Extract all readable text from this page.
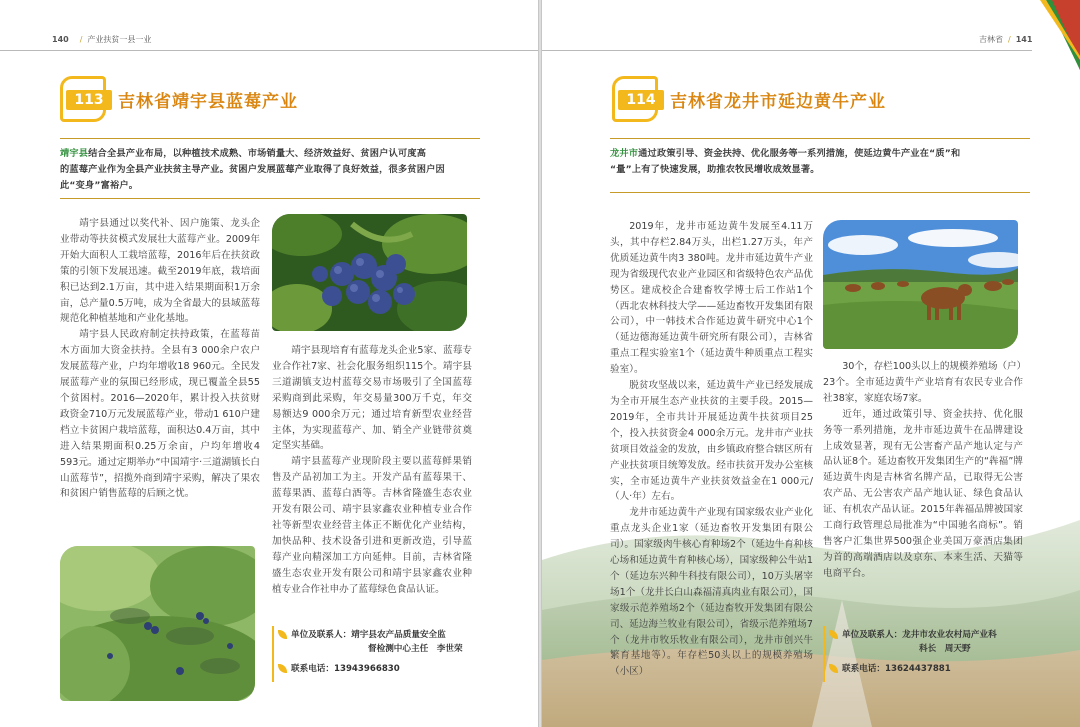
140 / 产业扶贫一县一业
113 吉林省靖宇县蓝莓产业
靖宇县结合全县产业布局，以种植技术成熟、市场销量大、经济效益好、贫困户认可度高
的蓝莓产业作为全县产业扶贫主导产业。贫困户发展蓝莓产业取得了良好效益，很多贫困户因
此“变身”富裕户。

靖宇县通过以奖代补、因户施策、龙头企业带动等扶贫模式发展壮大蓝莓产业。2009年开始大面积人工栽培蓝莓，2016年后在扶贫政策的引领下发展迅速。截至2019年底，栽培面积已达到2.1万亩，其中进入结果期面积1万余亩，总产量0.5万吨，成为全省最大的县域蓝莓规范化种植基地和产业化基地。

靖宇县人民政府制定扶持政策，在蓝莓苗木方面加大资金扶持。全县有3 000余户农户发展蓝莓产业，户均年增收18 960元。全民发展蓝莓产业的氛围已经形成，现已覆盖全县55个贫困村。2016—2020年，累计投入扶贫财政资金710万元发展蓝莓产业，带动1 610户建档立卡贫困户栽培蓝莓，面积达0.4万亩，其中进入结果期面积0.25万余亩，户均年增收4 593元。通过定期举办“中国靖宇·三道湖镇长白山蓝莓节”，招揽外商到靖宇采购，解决了果农和贫困户销售蓝莓的后顾之忧。

靖宇县现培育有蓝莓龙头企业5家、蓝莓专业合作社7家、社会化服务组织115个。靖宇县三道湖镇支边村蓝莓交易市场吸引了全国蓝莓采购商到此采购，年交易量300万千克，年交易额达9 000余万元；通过培育新型农业经营主体，为实现蓝莓产、加、销全产业链带贫奠定坚实基础。

靖宇县蓝莓产业现阶段主要以蓝莓鲜果销售及产品初加工为主。开发产品有蓝莓果干、蓝莓果酒、蓝莓白酒等。吉林省隆盛生态农业开发有限公司、靖宇县家鑫农业种植专业合作社等新型农业经营主体正不断优化产业结构，加快品种、技术设备引进和更新改造，引导蓝莓产业向精深加工方向延伸。目前，吉林省隆盛生态农业开发有限公司和靖宇县家鑫农业种植专业合作社申办了蓝莓绿色食品认证。

单位及联系人：靖宇县农产品质量安全监
督检测中心主任　李世荣
联系电话：13943966830
吉林省 / 141
114 吉林省龙井市延边黄牛产业
龙井市通过政策引导、资金扶持、优化服务等一系列措施，使延边黄牛产业在“质”和
“量”上有了快速发展，助推农牧民增收成效显著。

2019年，龙井市延边黄牛发展至4.11万头，其中存栏2.84万头，出栏1.27万头，年产优质延边黄牛肉3 380吨。龙井市延边黄牛产业现为省级现代农业产业园区和省级特色农产品优势区。建成校企合建畜牧学博士后工作站1个（西北农林科技大学——延边畜牧开发集团有限公司），中一韩技术合作延边黄牛研究中心1个（延边德海延边黄牛研究所有限公司），吉林省重点工程实验室1个（延边黄牛种质重点工程实验室）。

脱贫攻坚战以来，延边黄牛产业已经发展成为全市开展生态产业扶贫的主要手段。2015—2019年，全市共计开展延边黄牛扶贫项目25个，投入扶贫资金4 000余万元。龙井市产业扶贫项目效益金的发放，由乡镇政府整合辖区所有产业扶贫项目统筹发放。经市扶贫开发办公室核实，全市延边黄牛产业扶贫效益金在1 000元/（人·年）左右。

龙井市延边黄牛产业现有国家级农业产业化重点龙头企业1家（延边畜牧开发集团有限公司）。国家级肉牛核心育种场2个（延边牛育种核心场和延边黄牛育种核心场），国家级种公牛站1个（延边东兴种牛科技有限公司），10万头屠宰场1个（龙井长白山森福清真肉业有限公司），国家级示范养殖场2个（延边畜牧开发集团有限公司、延边海兰牧业有限公司），省级示范养殖场7个（龙井市牧乐牧业有限公司），龙井市创兴牛繁育基地等）。年存栏50头以上的规模养殖场（小区）

30个，存栏100头以上的规模养殖场（户）23个。全市延边黄牛产业培育有农民专业合作社38家，家庭农场7家。

近年，通过政策引导、资金扶持、优化服务等一系列措施，龙井市延边黄牛在品牌建设上成效显著，现有无公害畜产品产地认定与产品认证8个。延边畜牧开发集团生产的“犇福”牌延边黄牛肉是吉林省名牌产品，已取得无公害农产品、无公害农产品产地认证、绿色食品认证、有机农产品认证。2015年犇福品牌被国家工商行政管理总局批准为“中国驰名商标”。销售客户汇集世界500强企业美国万豪酒店集团为首的高端酒店以及京东、本来生活、天猫等电商平台。

单位及联系人：龙井市农业农村局产业科
科长　周天野
联系电话：13624437881
